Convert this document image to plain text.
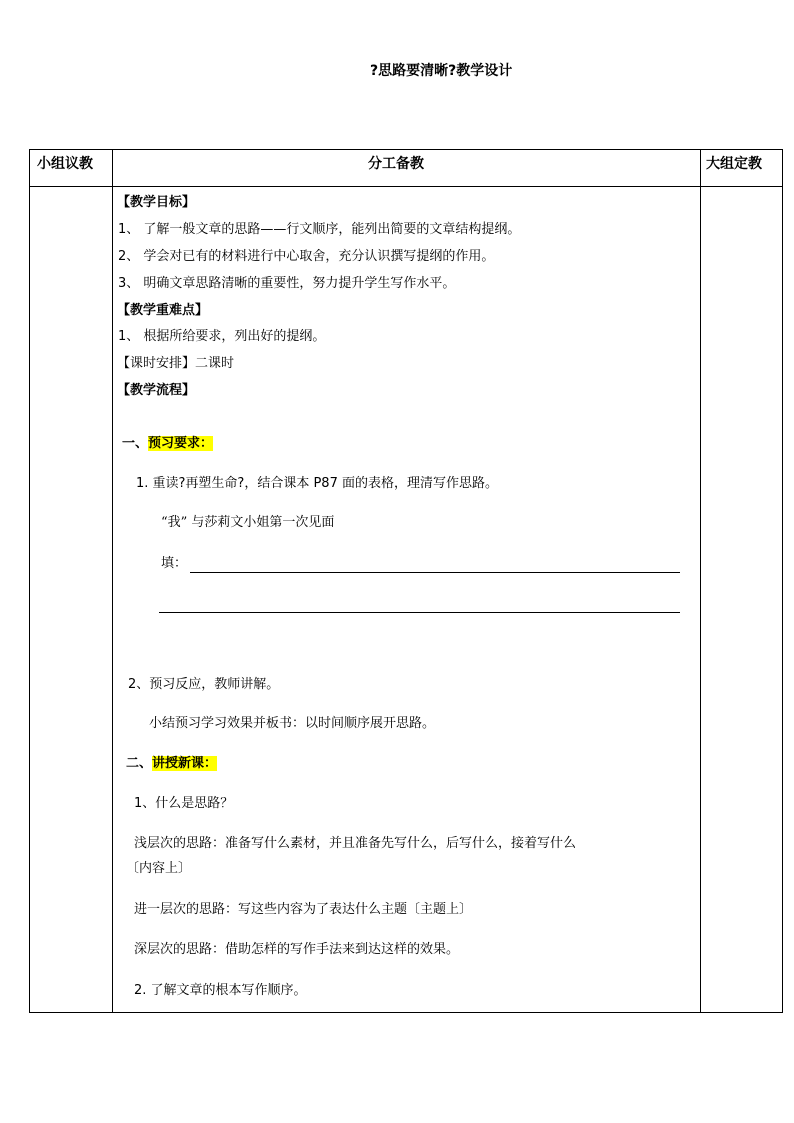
?思路要清晰?教学设计
小组议教	分工备教	大组定教
【教学目标】
1、 了解一般文章的思路——行文顺序，能列出简要的文章结构提纲。
2、 学会对已有的材料进行中心取舍，充分认识撰写提纲的作用。
3、 明确文章思路清晰的重要性，努力提升学生写作水平。
【教学重难点】
1、 根据所给要求，列出好的提纲。
【课时安排】二课时
【教学流程】
一、预习要求：
1. 重读?再塑生命?，结合课本 P87 面的表格，理清写作思路。
“我” 与莎莉文小姐第一次见面
填：
2、预习反应，教师讲解。
小结预习学习效果并板书：以时间顺序展开思路。
二、讲授新课：
1、什么是思路？
浅层次的思路：准备写什么素材，并且准备先写什么，后写什么，接着写什么
〔内容上〕
进一层次的思路：写这些内容为了表达什么主题〔主题上〕
深层次的思路：借助怎样的写作手法来到达这样的效果。
2. 了解文章的根本写作顺序。
